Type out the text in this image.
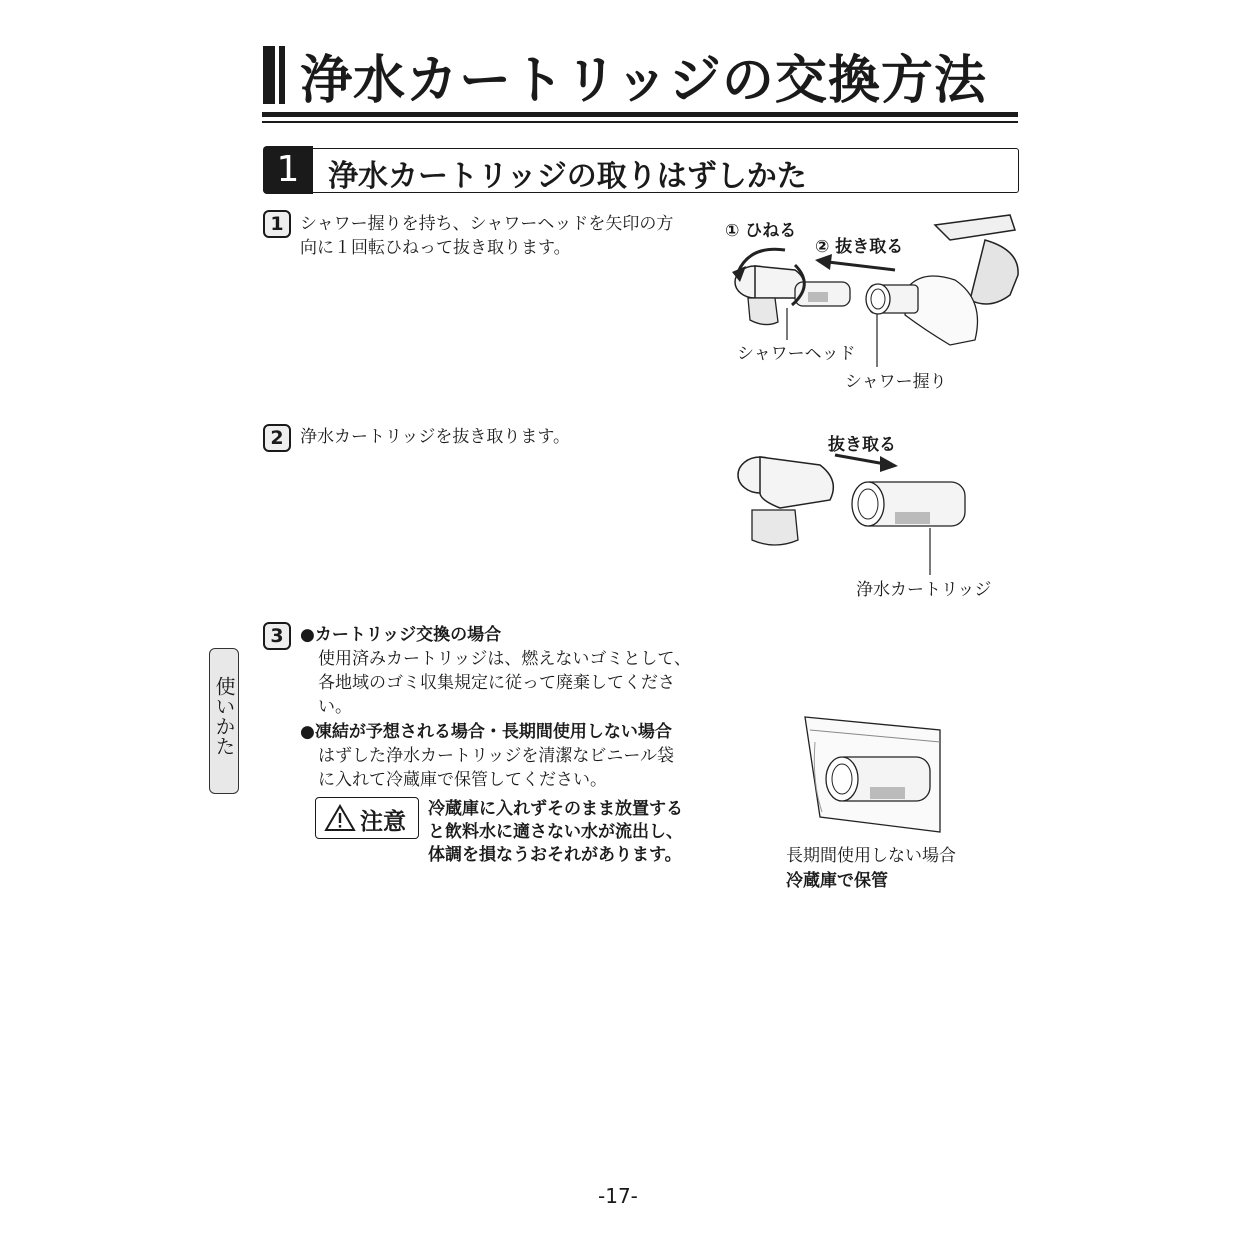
浄水カートリッジの交換方法
1 浄水カートリッジの取りはずしかた
使いかた
1 シャワー握りを持ち、シャワーヘッドを矢印の方
向に１回転ひねって抜き取ります。
① ひねる
② 抜き取る
シャワーヘッド
シャワー握り
2 浄水カートリッジを抜き取ります。	抜き取る
浄水カートリッジ
3 ●カートリッジ交換の場合
使用済みカートリッジは、燃えないゴミとして、
各地域のゴミ収集規定に従って廃棄してくださ
い。
●凍結が予想される場合・長期間使用しない場合
はずした浄水カートリッジを清潔なビニール袋
に入れて冷蔵庫で保管してください。
注意 冷蔵庫に入れずそのまま放置する
と飲料水に適さない水が流出し、
体調を損なうおそれがあります。	長期間使用しない場合
冷蔵庫で保管
-17-
